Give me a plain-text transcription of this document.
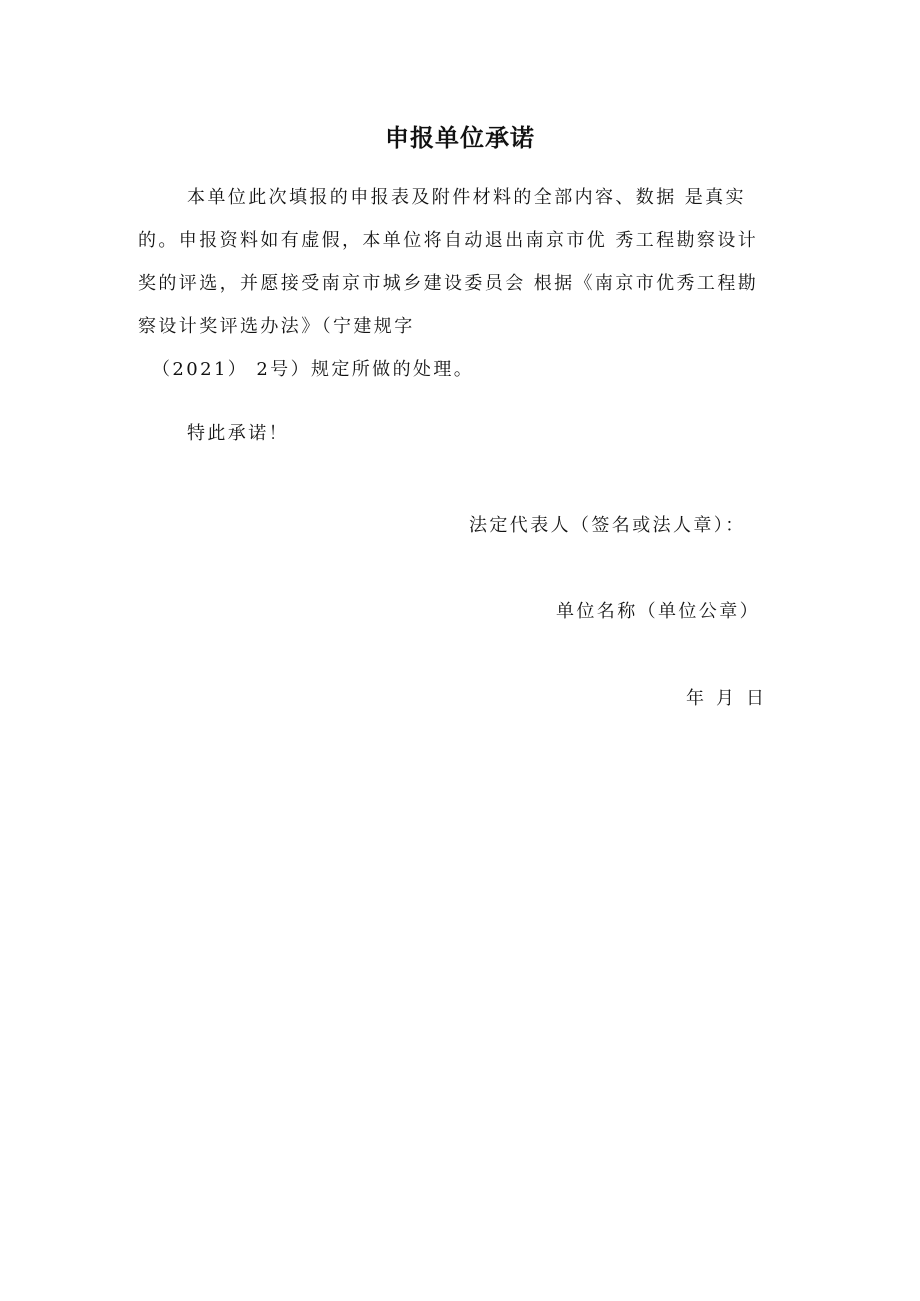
申报单位承诺
本单位此次填报的申报表及附件材料的全部内容、数据 是真实
的。申报资料如有虚假，本单位将自动退出南京市优 秀工程勘察设计
奖的评选，并愿接受南京市城乡建设委员会 根据《南京市优秀工程勘
察设计奖评选办法》（宁建规字
（2021） 2号）规定所做的处理。
特此承诺！
法定代表人（签名或法人章）：
单位名称（单位公章）
年 月 日
